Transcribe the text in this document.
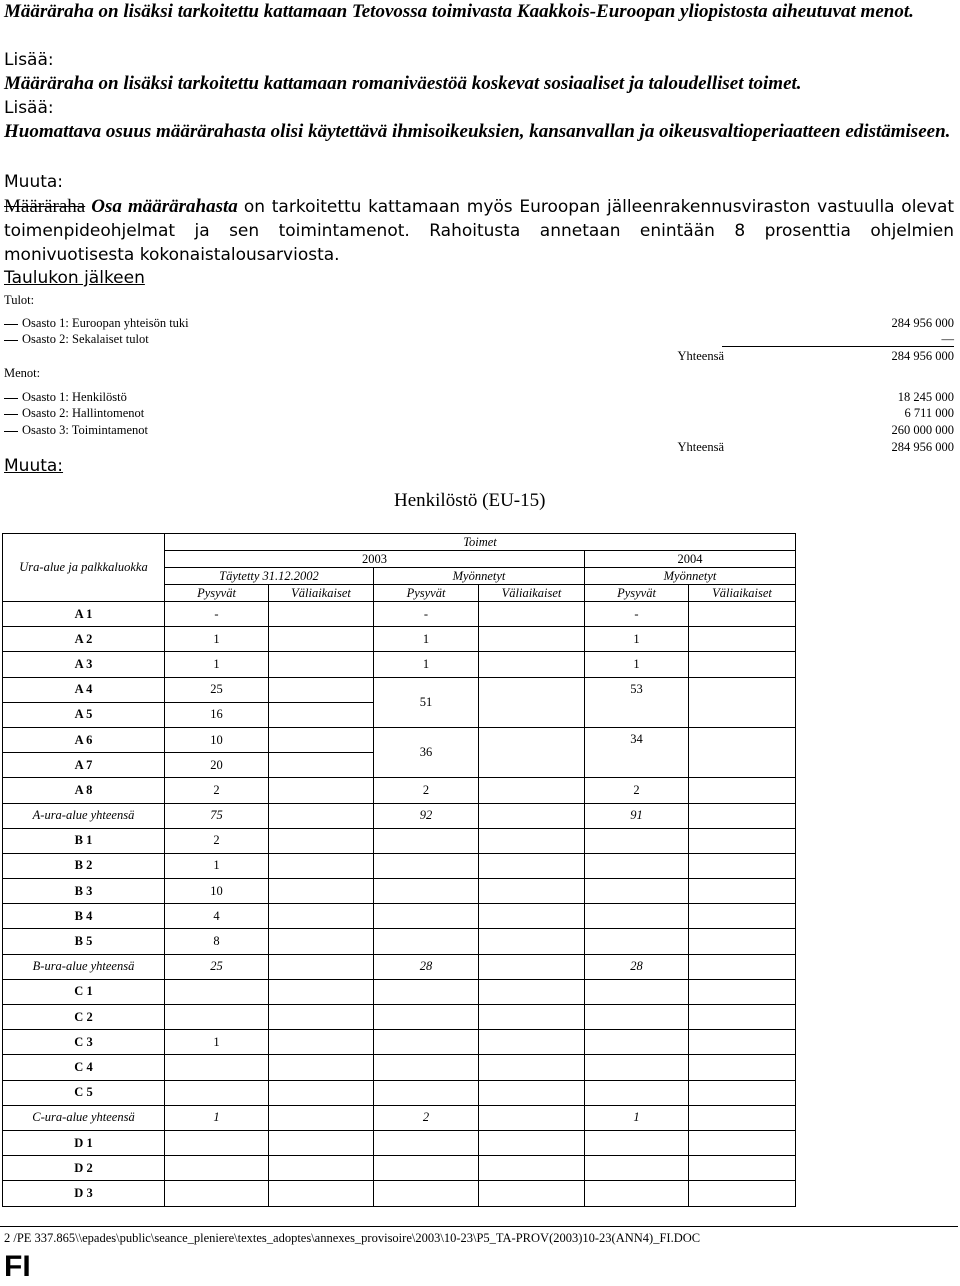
Määräraha on lisäksi tarkoitettu kattamaan Tetovossa toimivasta Kaakkois-Euroopan yliopistosta aiheutuvat menot.
Lisää:
Määräraha on lisäksi tarkoitettu kattamaan romaniväestöä koskevat sosiaaliset ja taloudelliset toimet.
Lisää:
Huomattava osuus määrärahasta olisi käytettävä ihmisoikeuksien, kansanvallan ja oikeusvaltioperiaatteen edistämiseen.
Muuta:
Määräraha Osa määrärahasta on tarkoitettu kattamaan myös Euroopan jälleenrakennusviraston vastuulla olevat toimenpideohjelmat ja sen toimintamenot. Rahoitusta annetaan enintään 8 prosenttia ohjelmien monivuotisesta kokonaistalousarviosta.
Taulukon jälkeen
Tulot:
Osasto 1: Euroopan yhteisön tuki	284 956 000
Osasto 2: Sekalaiset tulot	—
Yhteensä	284 956 000
Menot:
Osasto 1: Henkilöstö	18 245 000
Osasto 2: Hallintomenot	6 711 000
Osasto 3: Toimintamenot	260 000 000
Yhteensä	284 956 000
Muuta:
Henkilöstö (EU-15)
Ura-alue ja palkkaluokka	Toimet					
	2003				2004	
	Täytetty 31.12.2002		Myönnetyt		Myönnetyt	
	Pysyvät	Väliaikaiset	Pysyvät	Väliaikaiset	Pysyvät	Väliaikaiset
A 1	-		-		-	
A 2	1		1		1	
A 3	1		1		1	
A 4	25		51		53	
A 5	16					
A 6	10		36		34	
A 7	20					
A 8	2		2		2	
A-ura-alue yhteensä	75		92		91	
B 1	2					
B 2	1					
B 3	10					
B 4	4					
B 5	8					
B-ura-alue yhteensä	25		28		28	
C 1						
C 2						
C 3	1					
C 4						
C 5						
C-ura-alue yhteensä	1		2		1	
D 1						
D 2						
D 3						
2 /PE 337.865\\epades\public\seance_pleniere\textes_adoptes\annexes_provisoire\2003\10-23\P5_TA-PROV(2003)10-23(ANN4)_FI.DOC
FI
